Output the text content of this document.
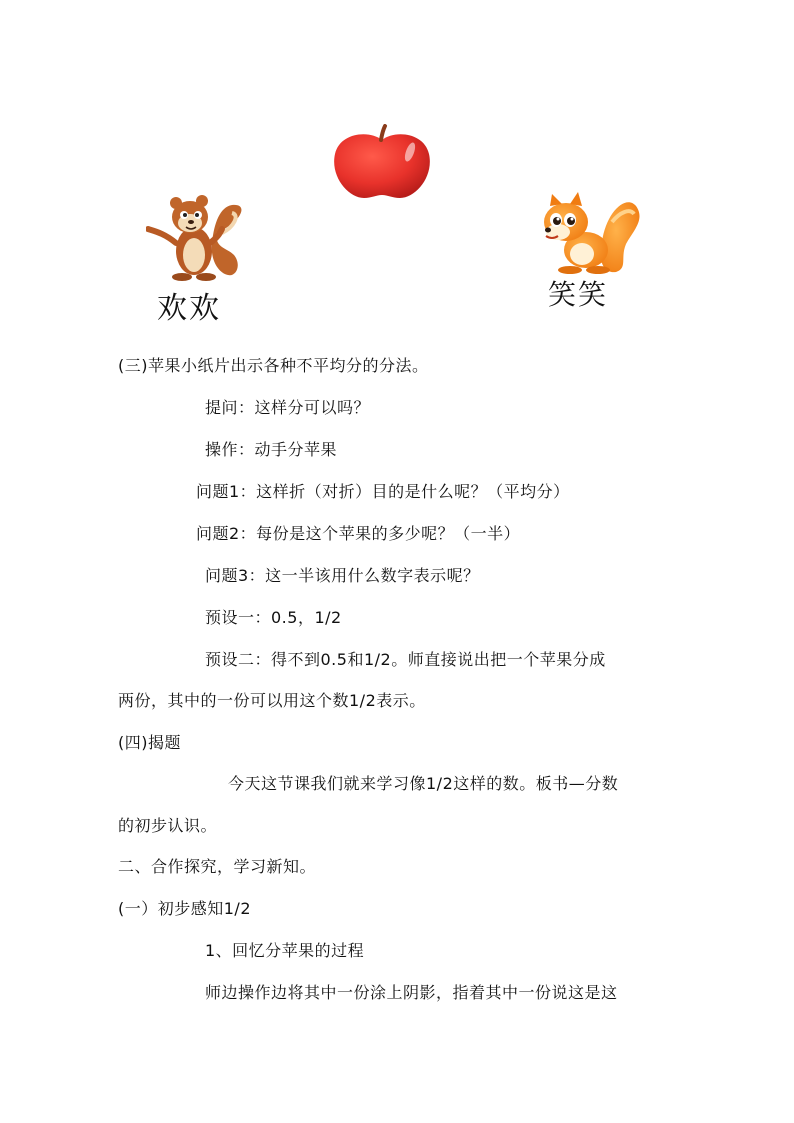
欢欢	笑笑
(三)苹果小纸片出示各种不平均分的分法。
提问：这样分可以吗？
操作：动手分苹果
问题1：这样折（对折）目的是什么呢？（平均分）
问题2：每份是这个苹果的多少呢？（一半）
问题3：这一半该用什么数字表示呢？
预设一：0.5，1/2
预设二：得不到0.5和1/2。师直接说出把一个苹果分成
两份，其中的一份可以用这个数1/2表示。
(四)揭题
今天这节课我们就来学习像1/2这样的数。板书—分数
的初步认识。
二、合作探究，学习新知。
(一）初步感知1/2
1、回忆分苹果的过程
师边操作边将其中一份涂上阴影，指着其中一份说这是这
